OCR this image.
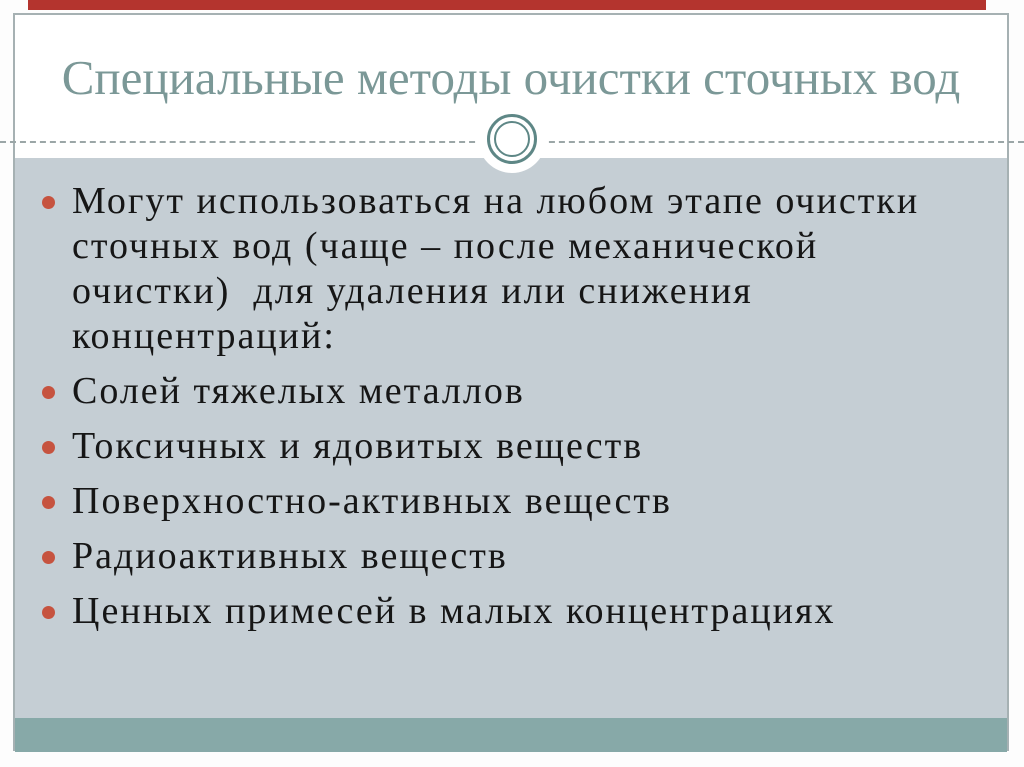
Специальные методы очистки сточных вод
Могут использоваться на любом этапе очистки сточных вод (чаще – после механической очистки)  для удаления или снижения концентраций:
Солей тяжелых металлов
Токсичных и ядовитых веществ
Поверхностно-активных веществ
Радиоактивных веществ
Ценных примесей в малых концентрациях
